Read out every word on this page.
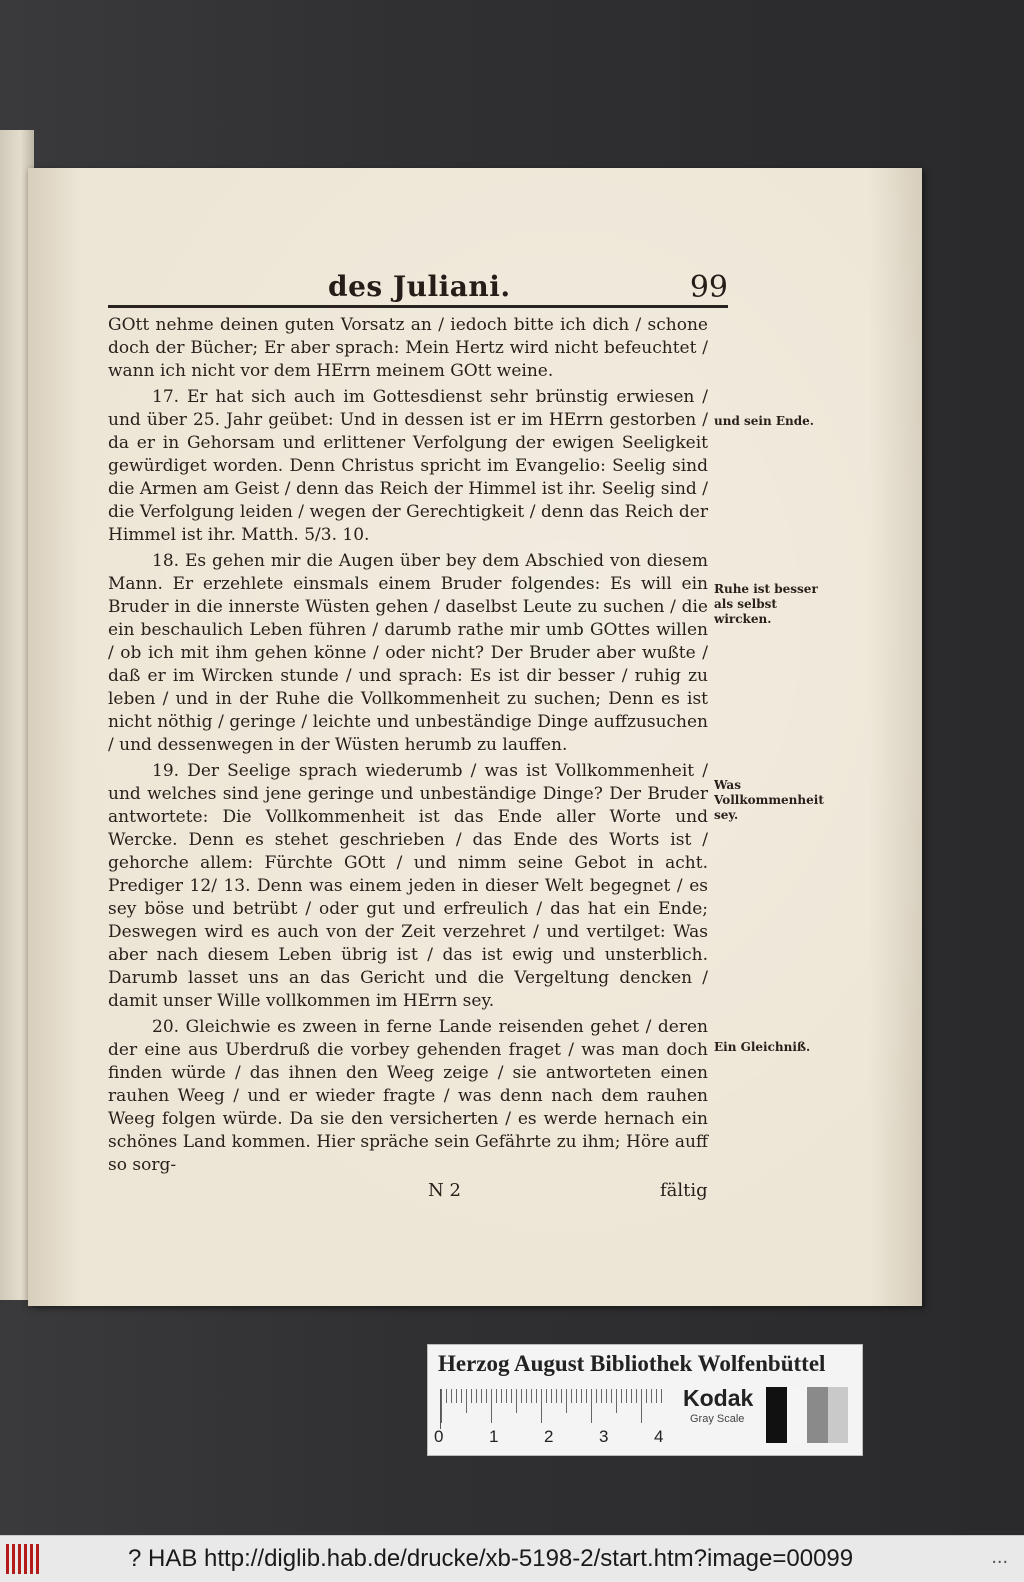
des Juliani.	99

GOtt nehme deinen guten Vorsatz an / iedoch bitte ich dich / schone doch der Bücher; Er aber sprach: Mein Hertz wird nicht befeuchtet / wann ich nicht vor dem HErrn meinem GOtt weine.

17. Er hat sich auch im Gottesdienst sehr brünstig erwiesen / und über 25. Jahr geübet: Und in dessen ist er im HErrn gestorben / da er in Gehorsam und erlittener Verfolgung der ewigen Seeligkeit gewürdiget worden. Denn Christus spricht im Evangelio: Seelig sind die Armen am Geist / denn das Reich der Himmel ist ihr. Seelig sind / die Verfolgung leiden / wegen der Gerechtigkeit / denn das Reich der Himmel ist ihr. Matth. 5/3. 10.

18. Es gehen mir die Augen über bey dem Abschied von diesem Mann. Er erzehlete einsmals einem Bruder folgendes: Es will ein Bruder in die innerste Wüsten gehen / daselbst Leute zu suchen / die ein beschaulich Leben führen / darumb rathe mir umb GOttes willen / ob ich mit ihm gehen könne / oder nicht? Der Bruder aber wußte / daß er im Wircken stunde / und sprach: Es ist dir besser / ruhig zu leben / und in der Ruhe die Vollkommenheit zu suchen; Denn es ist nicht nöthig / geringe / leichte und unbeständige Dinge auffzusuchen / und dessenwegen in der Wüsten herumb zu lauffen.

19. Der Seelige sprach wiederumb / was ist Vollkommenheit / und welches sind jene geringe und unbeständige Dinge? Der Bruder antwortete: Die Vollkommenheit ist das Ende aller Worte und Wercke. Denn es stehet geschrieben / das Ende des Worts ist / gehorche allem: Fürchte GOtt / und nimm seine Gebot in acht. Prediger 12/ 13. Denn was einem jeden in dieser Welt begegnet / es sey böse und betrübt / oder gut und erfreulich / das hat ein Ende; Deswegen wird es auch von der Zeit verzehret / und vertilget: Was aber nach diesem Leben übrig ist / das ist ewig und unsterblich. Darumb lasset uns an das Gericht und die Vergeltung dencken / damit unser Wille vollkommen im HErrn sey.

20. Gleichwie es zween in ferne Lande reisenden gehet / deren der eine aus Uberdruß die vorbey gehenden fraget / was man doch finden würde / das ihnen den Weeg zeige / sie antworteten einen rauhen Weeg / und er wieder fragte / was denn nach dem rauhen Weeg folgen würde. Da sie den versicherten / es werde hernach ein schönes Land kommen. Hier spräche sein Gefährte zu ihm; Höre auff so sorg-

und sein Ende.
Ruhe ist besser als selbst wircken.
Was Vollkommenheit sey.
Ein Gleichniß.
N 2	fältig
Herzog August Bibliothek Wolfenbüttel
0	1	2	3	4
Kodak
Gray Scale
? HAB http://diglib.hab.de/drucke/xb-5198-2/start.htm?image=00099	...
